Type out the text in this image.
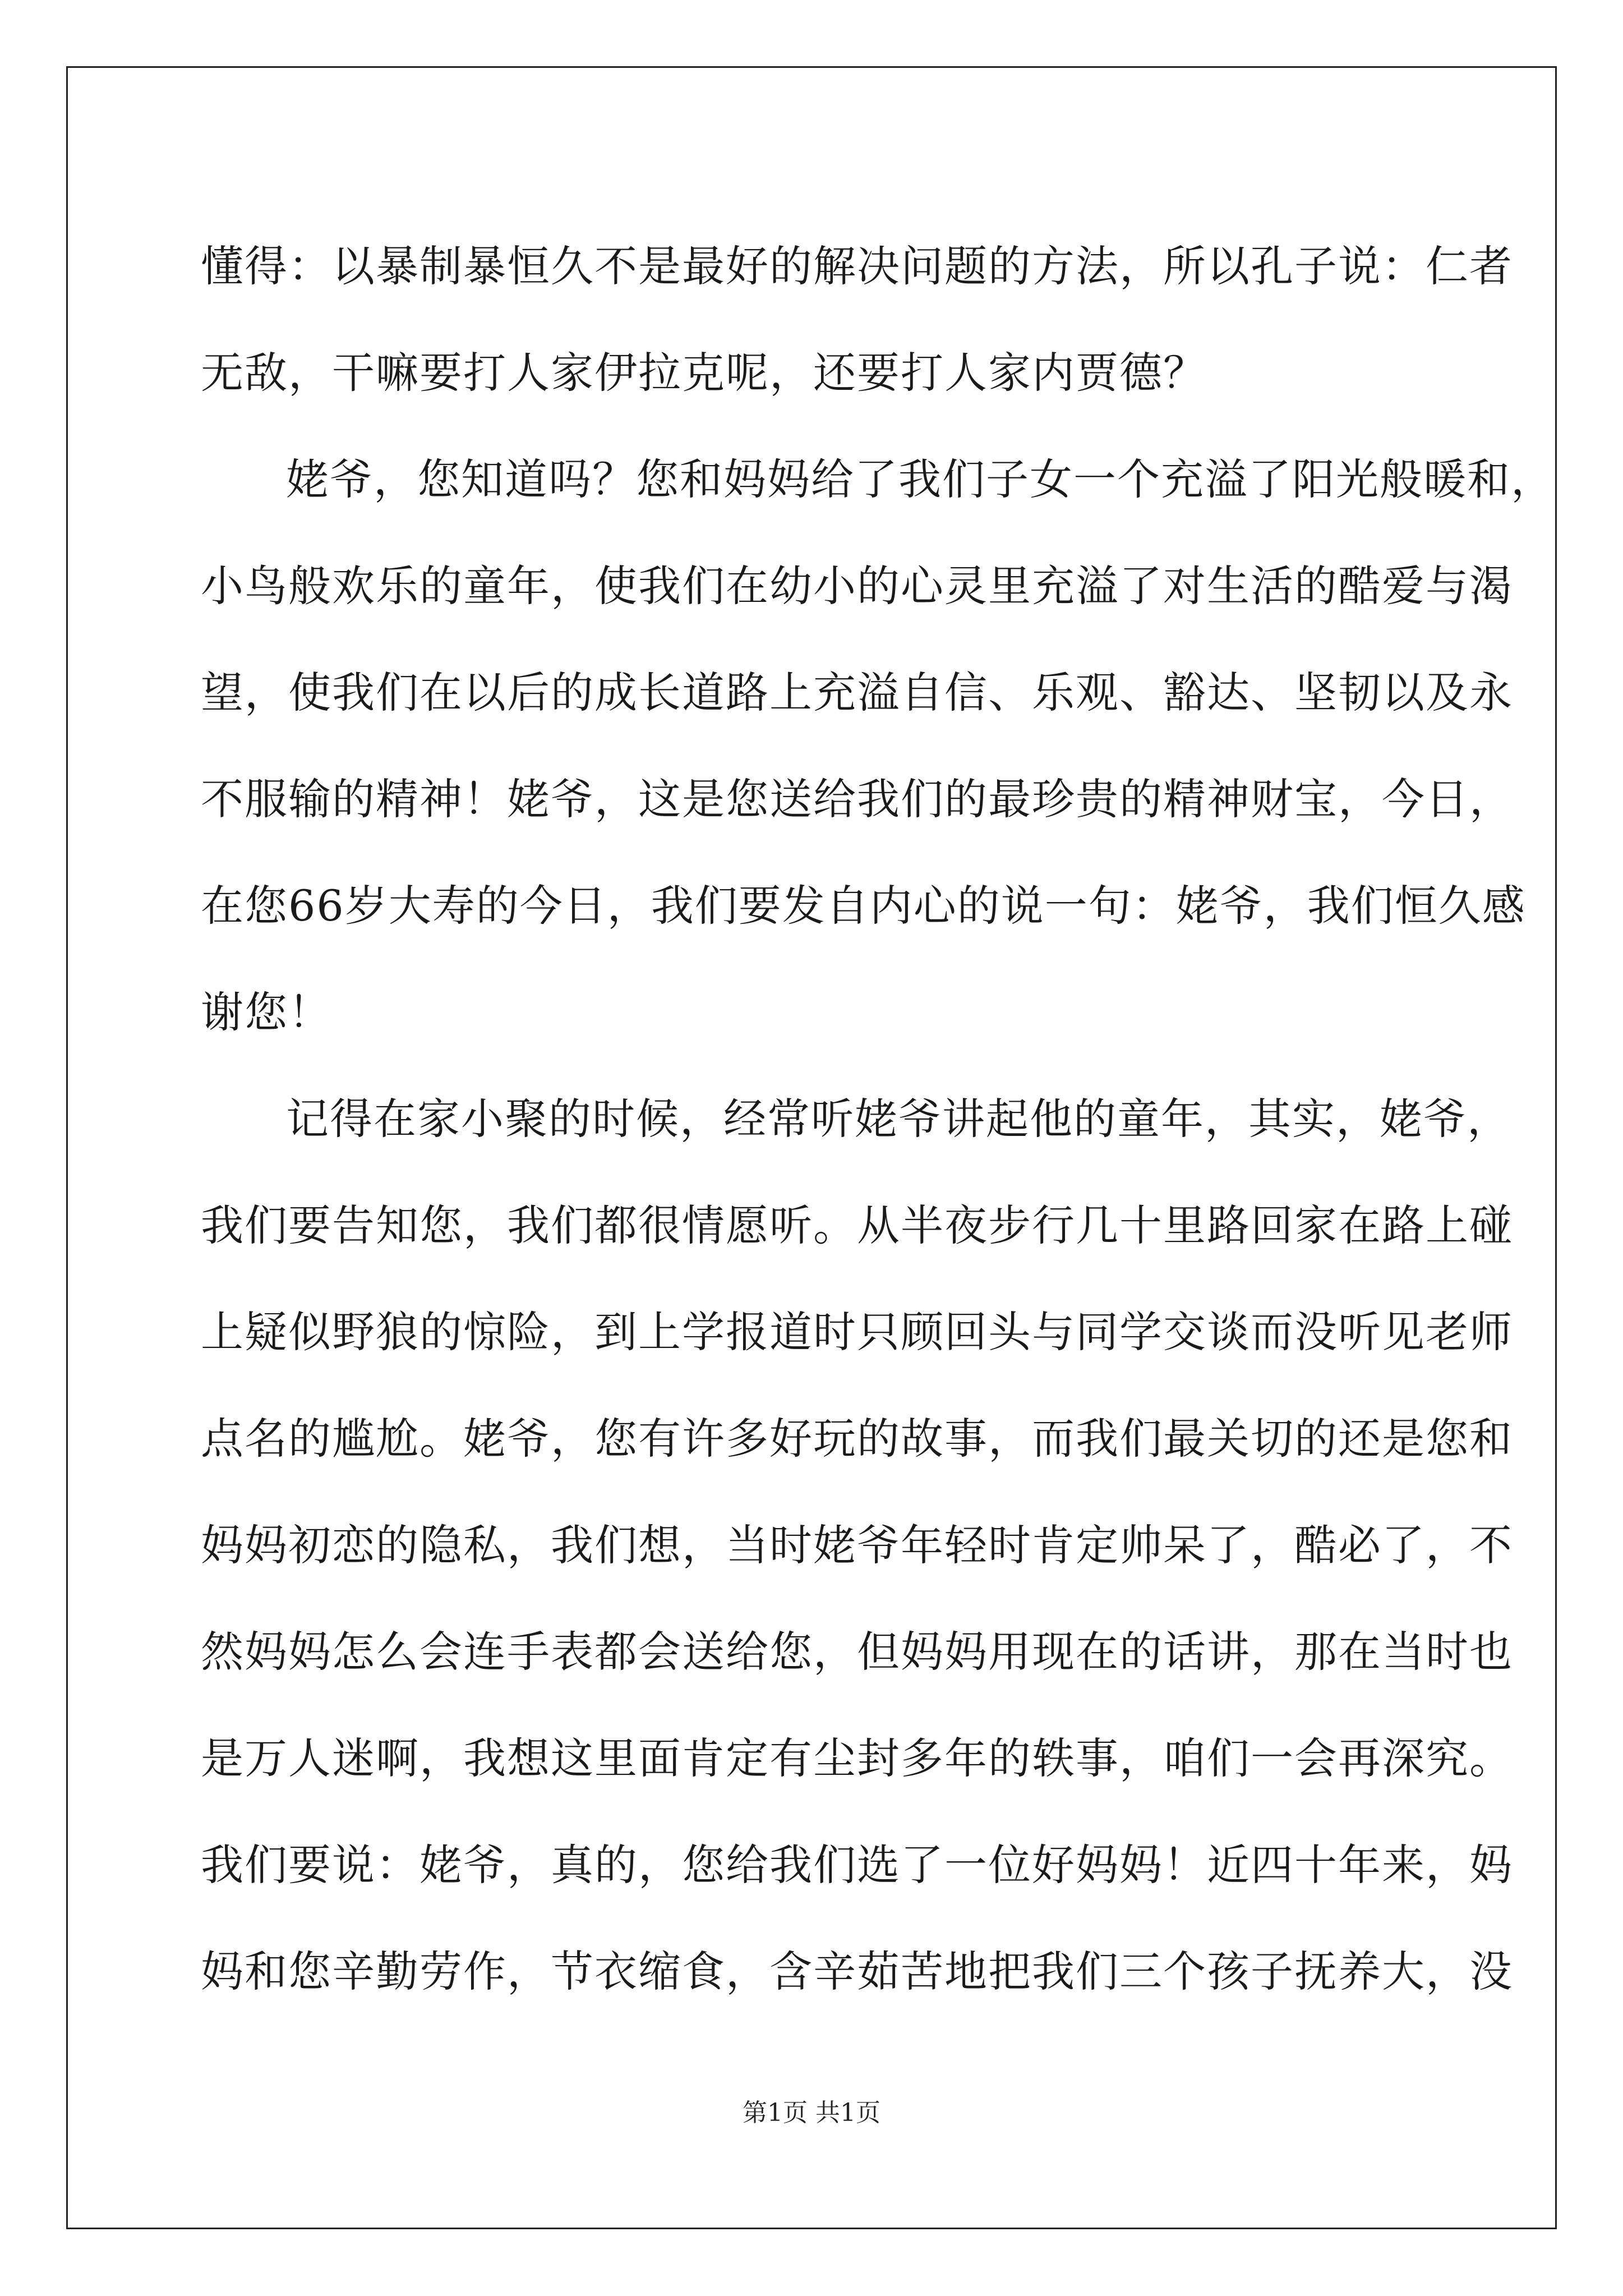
懂得：以暴制暴恒久不是最好的解决问题的方法，所以孔子说：仁者
无敌，干嘛要打人家伊拉克呢，还要打人家内贾德？
姥爷，您知道吗？您和妈妈给了我们子女一个充溢了阳光般暖和，
小鸟般欢乐的童年，使我们在幼小的心灵里充溢了对生活的酷爱与渴
望，使我们在以后的成长道路上充溢自信、乐观、豁达、坚韧以及永
不服输的精神！姥爷，这是您送给我们的最珍贵的精神财宝，今日，
在您66岁大寿的今日，我们要发自内心的说一句：姥爷，我们恒久感
谢您！
记得在家小聚的时候，经常听姥爷讲起他的童年，其实，姥爷，
我们要告知您，我们都很情愿听。从半夜步行几十里路回家在路上碰
上疑似野狼的惊险，到上学报道时只顾回头与同学交谈而没听见老师
点名的尴尬。姥爷，您有许多好玩的故事，而我们最关切的还是您和
妈妈初恋的隐私，我们想，当时姥爷年轻时肯定帅呆了，酷必了，不
然妈妈怎么会连手表都会送给您，但妈妈用现在的话讲，那在当时也
是万人迷啊，我想这里面肯定有尘封多年的轶事，咱们一会再深究。
我们要说：姥爷，真的，您给我们选了一位好妈妈！近四十年来，妈
妈和您辛勤劳作，节衣缩食，含辛茹苦地把我们三个孩子抚养大，没
第1页 共1页
